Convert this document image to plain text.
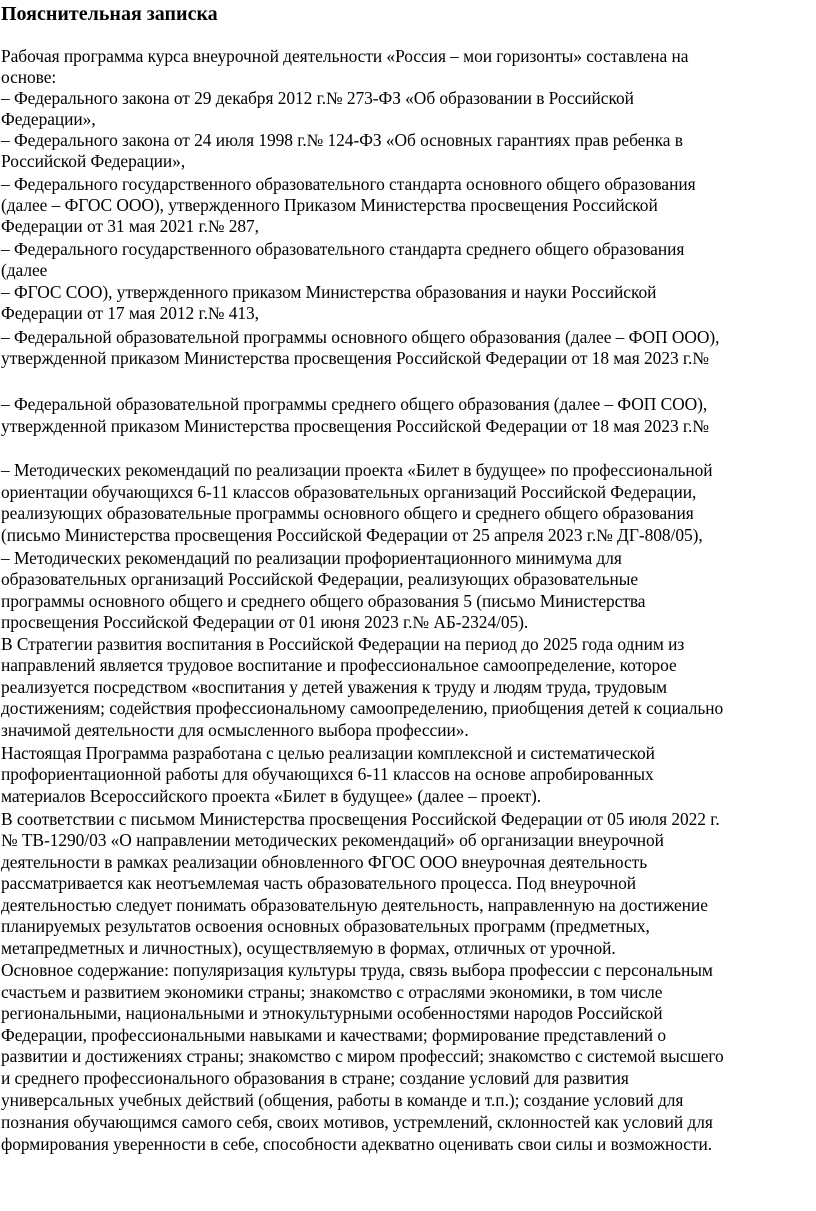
Пояснительная записка
Рабочая программа курса внеурочной деятельности «Россия – мои горизонты» составлена на
основе:
– Федерального закона от 29 декабря 2012 г.№ 273-ФЗ «Об образовании в Российской
Федерации»,
– Федерального закона от 24 июля 1998 г.№ 124-ФЗ «Об основных гарантиях прав ребенка в
Российской Федерации»,
– Федерального государственного образовательного стандарта основного общего образования
(далее – ФГОС ООО), утвержденного Приказом Министерства просвещения Российской
Федерации от 31 мая 2021 г.№ 287,
– Федерального государственного образовательного стандарта среднего общего образования
(далее
– ФГОС СОО), утвержденного приказом Министерства образования и науки Российской
Федерации от 17 мая 2012 г.№ 413,
– Федеральной образовательной программы основного общего образования (далее – ФОП ООО),
утвержденной приказом Министерства просвещения Российской Федерации от 18 мая 2023 г.№
– Федеральной образовательной программы среднего общего образования (далее – ФОП СОО),
утвержденной приказом Министерства просвещения Российской Федерации от 18 мая 2023 г.№
– Методических рекомендаций по реализации проекта «Билет в будущее» по профессиональной
ориентации обучающихся 6-11 классов образовательных организаций Российской Федерации,
реализующих образовательные программы основного общего и среднего общего образования
(письмо Министерства просвещения Российской Федерации от 25 апреля 2023 г.№ ДГ-808/05),
– Методических рекомендаций по реализации профориентационного минимума для
образовательных организаций Российской Федерации, реализующих образовательные
программы основного общего и среднего общего образования 5 (письмо Министерства
просвещения Российской Федерации от 01 июня 2023 г.№ АБ-2324/05).
В Стратегии развития воспитания в Российской Федерации на период до 2025 года одним из
направлений является трудовое воспитание и профессиональное самоопределение, которое
реализуется посредством «воспитания у детей уважения к труду и людям труда, трудовым
достижениям; содействия профессиональному самоопределению, приобщения детей к социально
значимой деятельности для осмысленного выбора профессии».
Настоящая Программа разработана с целью реализации комплексной и систематической
профориентационной работы для обучающихся 6-11 классов на основе апробированных
материалов Всероссийского проекта «Билет в будущее» (далее – проект).
В соответствии с письмом Министерства просвещения Российской Федерации от 05 июля 2022 г.
№ ТВ-1290/03 «О направлении методических рекомендаций» об организации внеурочной
деятельности в рамках реализации обновленного ФГОС ООО внеурочная деятельность
рассматривается как неотъемлемая часть образовательного процесса. Под внеурочной
деятельностью следует понимать образовательную деятельность, направленную на достижение
планируемых результатов освоения основных образовательных программ (предметных,
метапредметных и личностных), осуществляемую в формах, отличных от урочной.
Основное содержание: популяризация культуры труда, связь выбора профессии с персональным
счастьем и развитием экономики страны; знакомство с отраслями экономики, в том числе
региональными, национальными и этнокультурными особенностями народов Российской
Федерации, профессиональными навыками и качествами; формирование представлений о
развитии и достижениях страны; знакомство с миром профессий; знакомство с системой высшего
и среднего профессионального образования в стране; создание условий для развития
универсальных учебных действий (общения, работы в команде и т.п.); создание условий для
познания обучающимся самого себя, своих мотивов, устремлений, склонностей как условий для
формирования уверенности в себе, способности адекватно оценивать свои силы и возможности.
